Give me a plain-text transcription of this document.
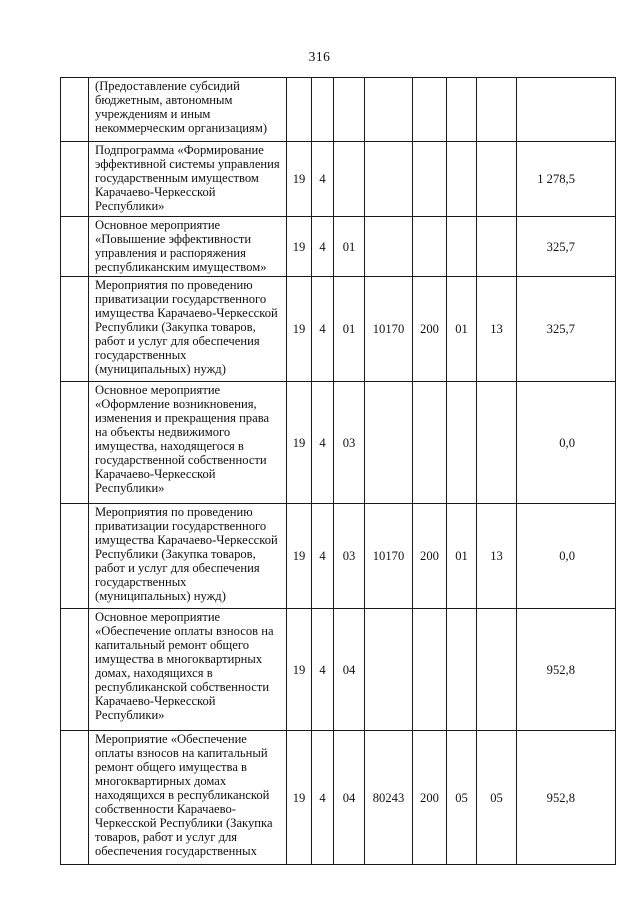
316
	(Предоставление субсидий бюджетным, автономным учреждениям и иным некоммерческим организациям)								
	Подпрограмма «Формирование эффективной системы управления государственным имуществом Карачаево-Черкесской Республики»	19	4						1 278,5
	Основное мероприятие «Повышение эффективности управления и распоряжения республиканским имуществом»	19	4	01					325,7
	Мероприятия по проведению приватизации государственного имущества Карачаево-Черкесской Республики (Закупка товаров, работ и услуг для обеспечения государственных (муниципальных) нужд)	19	4	01	10170	200	01	13	325,7
	Основное мероприятие «Оформление возникновения, изменения и прекращения права на объекты недвижимого имущества, находящегося в государственной собственности Карачаево-Черкесской Республики»	19	4	03					0,0
	Мероприятия по проведению приватизации государственного имущества Карачаево-Черкесской Республики (Закупка товаров, работ и услуг для обеспечения государственных (муниципальных) нужд)	19	4	03	10170	200	01	13	0,0
	Основное мероприятие «Обеспечение оплаты взносов на капитальный ремонт общего имущества в многоквартирных домах, находящихся в республиканской собственности Карачаево-Черкесской Республики»	19	4	04					952,8
	Мероприятие «Обеспечение оплаты взносов на капитальный ремонт общего имущества в многоквартирных домах находящихся в республиканской собственности Карачаево-Черкесской Республики (Закупка товаров, работ и услуг для обеспечения государственных	19	4	04	80243	200	05	05	952,8
